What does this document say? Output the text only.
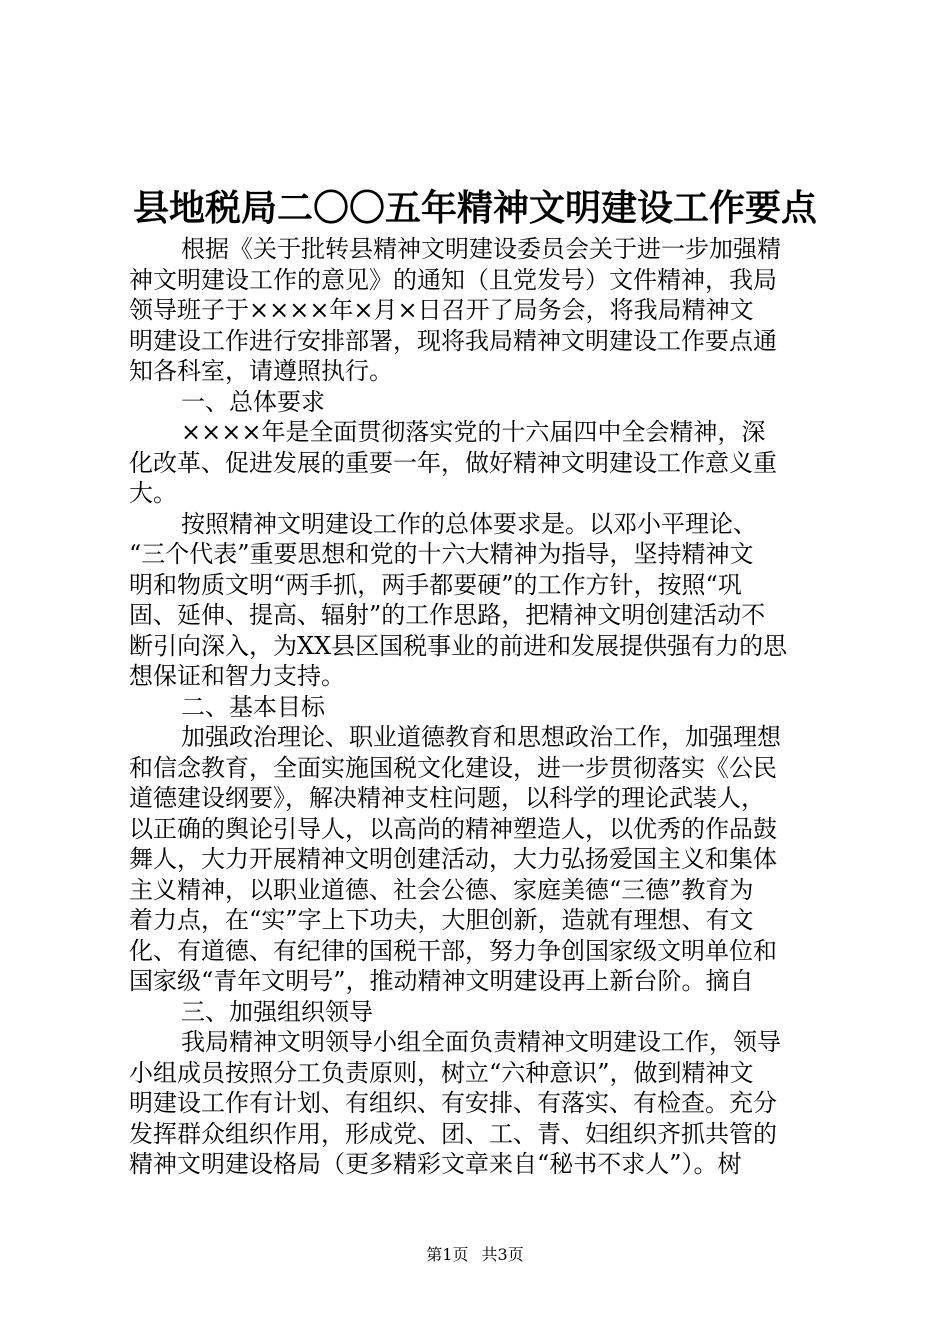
县地税局二〇〇五年精神文明建设工作要点
根据《关于批转县精神文明建设委员会关于进一步加强精
神文明建设工作的意见》的通知（且党发号）文件精神，我局
领导班子于××××年×月×日召开了局务会，将我局精神文
明建设工作进行安排部署，现将我局精神文明建设工作要点通
知各科室，请遵照执行。
一、总体要求
××××年是全面贯彻落实党的十六届四中全会精神，深
化改革、促进发展的重要一年，做好精神文明建设工作意义重
大。
按照精神文明建设工作的总体要求是。以邓小平理论、
“三个代表”重要思想和党的十六大精神为指导，坚持精神文
明和物质文明“两手抓，两手都要硬”的工作方针，按照“巩
固、延伸、提高、辐射”的工作思路，把精神文明创建活动不
断引向深入，为XX县区国税事业的前进和发展提供强有力的思
想保证和智力支持。
二、基本目标
加强政治理论、职业道德教育和思想政治工作，加强理想
和信念教育，全面实施国税文化建设，进一步贯彻落实《公民
道德建设纲要》，解决精神支柱问题，以科学的理论武装人，
以正确的舆论引导人，以高尚的精神塑造人，以优秀的作品鼓
舞人，大力开展精神文明创建活动，大力弘扬爱国主义和集体
主义精神，以职业道德、社会公德、家庭美德“三德”教育为
着力点，在“实”字上下功夫，大胆创新，造就有理想、有文
化、有道德、有纪律的国税干部，努力争创国家级文明单位和
国家级“青年文明号”，推动精神文明建设再上新台阶。摘自
三、加强组织领导
我局精神文明领导小组全面负责精神文明建设工作，领导
小组成员按照分工负责原则，树立“六种意识”，做到精神文
明建设工作有计划、有组织、有安排、有落实、有检查。充分
发挥群众组织作用，形成党、团、工、青、妇组织齐抓共管的
精神文明建设格局（更多精彩文章来自“秘书不求人”）。树
第1页 共3页
